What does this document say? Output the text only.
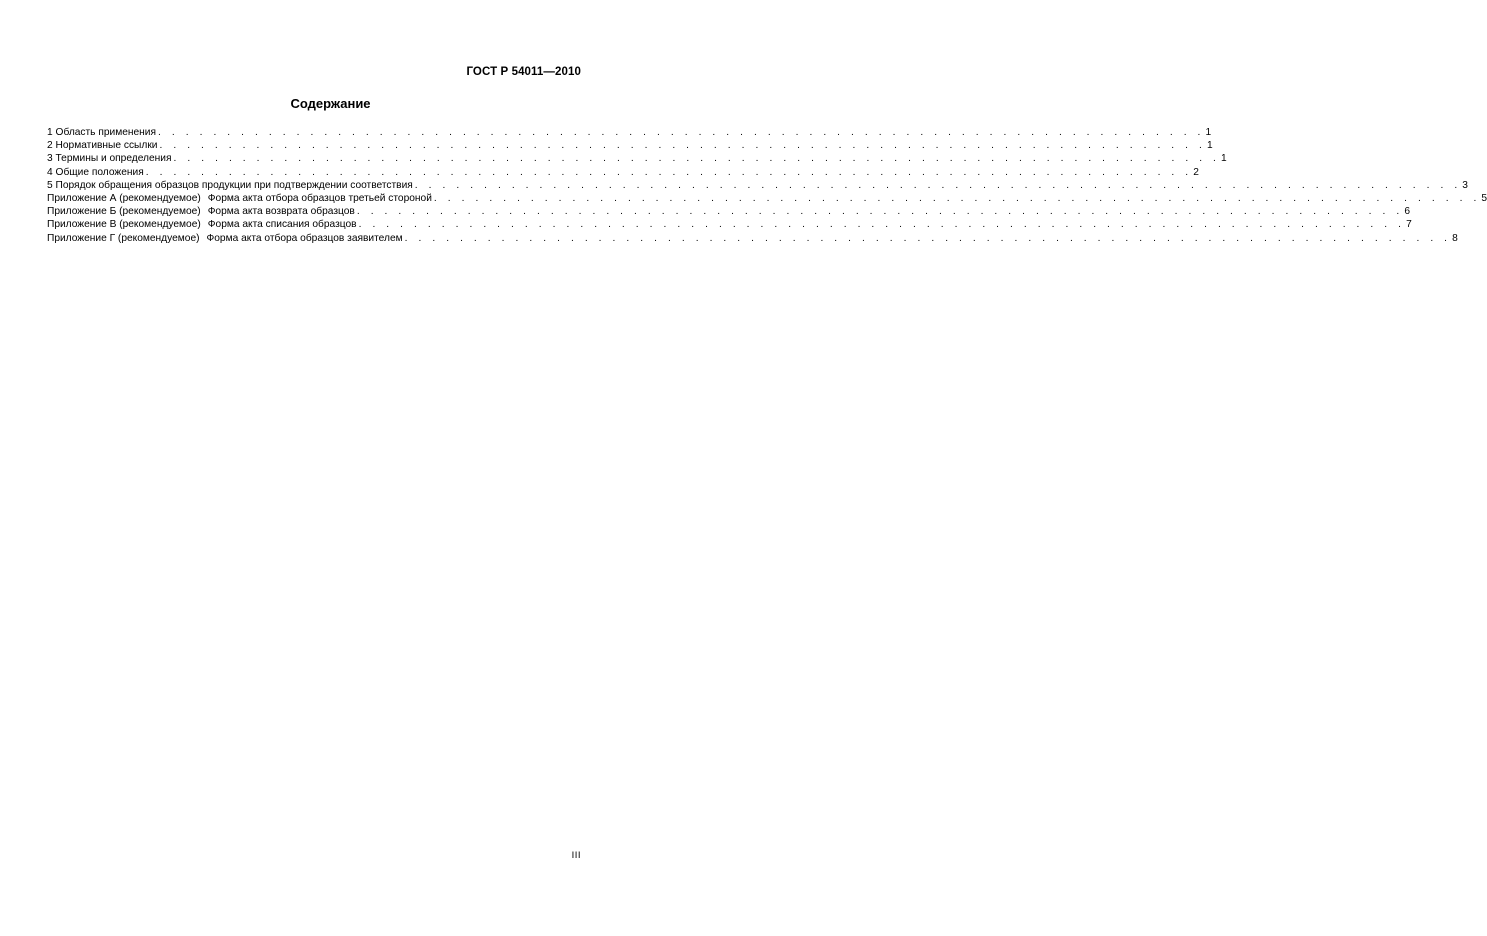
ГОСТ Р 54011—2010
Содержание
1 Область применения . . . . . . . . . . . . . . . . . . . . . . . . . . . . . . . . . . . . . . . . . . . . . . . . . . . . . . . . . . . . . . . . . . . . . . . . . . . . 1
2 Нормативные ссылки . . . . . . . . . . . . . . . . . . . . . . . . . . . . . . . . . . . . . . . . . . . . . . . . . . . . . . . . . . . . . . . . . . . . . . . . . . . . 1
3 Термины и определения . . . . . . . . . . . . . . . . . . . . . . . . . . . . . . . . . . . . . . . . . . . . . . . . . . . . . . . . . . . . . . . . . . . . . . . . . . . . 1
4 Общие положения . . . . . . . . . . . . . . . . . . . . . . . . . . . . . . . . . . . . . . . . . . . . . . . . . . . . . . . . . . . . . . . . . . . . . . . . . . . . 2
5 Порядок обращения образцов продукции при подтверждении соответствия . . . . . . . . . . . . . . . . . . . . . . . . . . . . . . . . . . . . . . . . . . . . . . . . . . . . . . . . . . . . . . . . . . . . . . . . . . . . 3
Приложение А (рекомендуемое) Форма акта отбора образцов третьей стороной . . . . . . . . . . . . . . . . . . . . . . . . . . . . . . . . . . . . . . . . . . . . . . . . . . . . . . . . . . . . . . . . . . . . . . . . . . . . 5
Приложение Б (рекомендуемое) Форма акта возврата образцов . . . . . . . . . . . . . . . . . . . . . . . . . . . . . . . . . . . . . . . . . . . . . . . . . . . . . . . . . . . . . . . . . . . . . . . . . . . . 6
Приложение В (рекомендуемое) Форма акта списания образцов . . . . . . . . . . . . . . . . . . . . . . . . . . . . . . . . . . . . . . . . . . . . . . . . . . . . . . . . . . . . . . . . . . . . . . . . . . . . 7
Приложение Г (рекомендуемое) Форма акта отбора образцов заявителем . . . . . . . . . . . . . . . . . . . . . . . . . . . . . . . . . . . . . . . . . . . . . . . . . . . . . . . . . . . . . . . . . . . . . . . . . . . . 8
III
